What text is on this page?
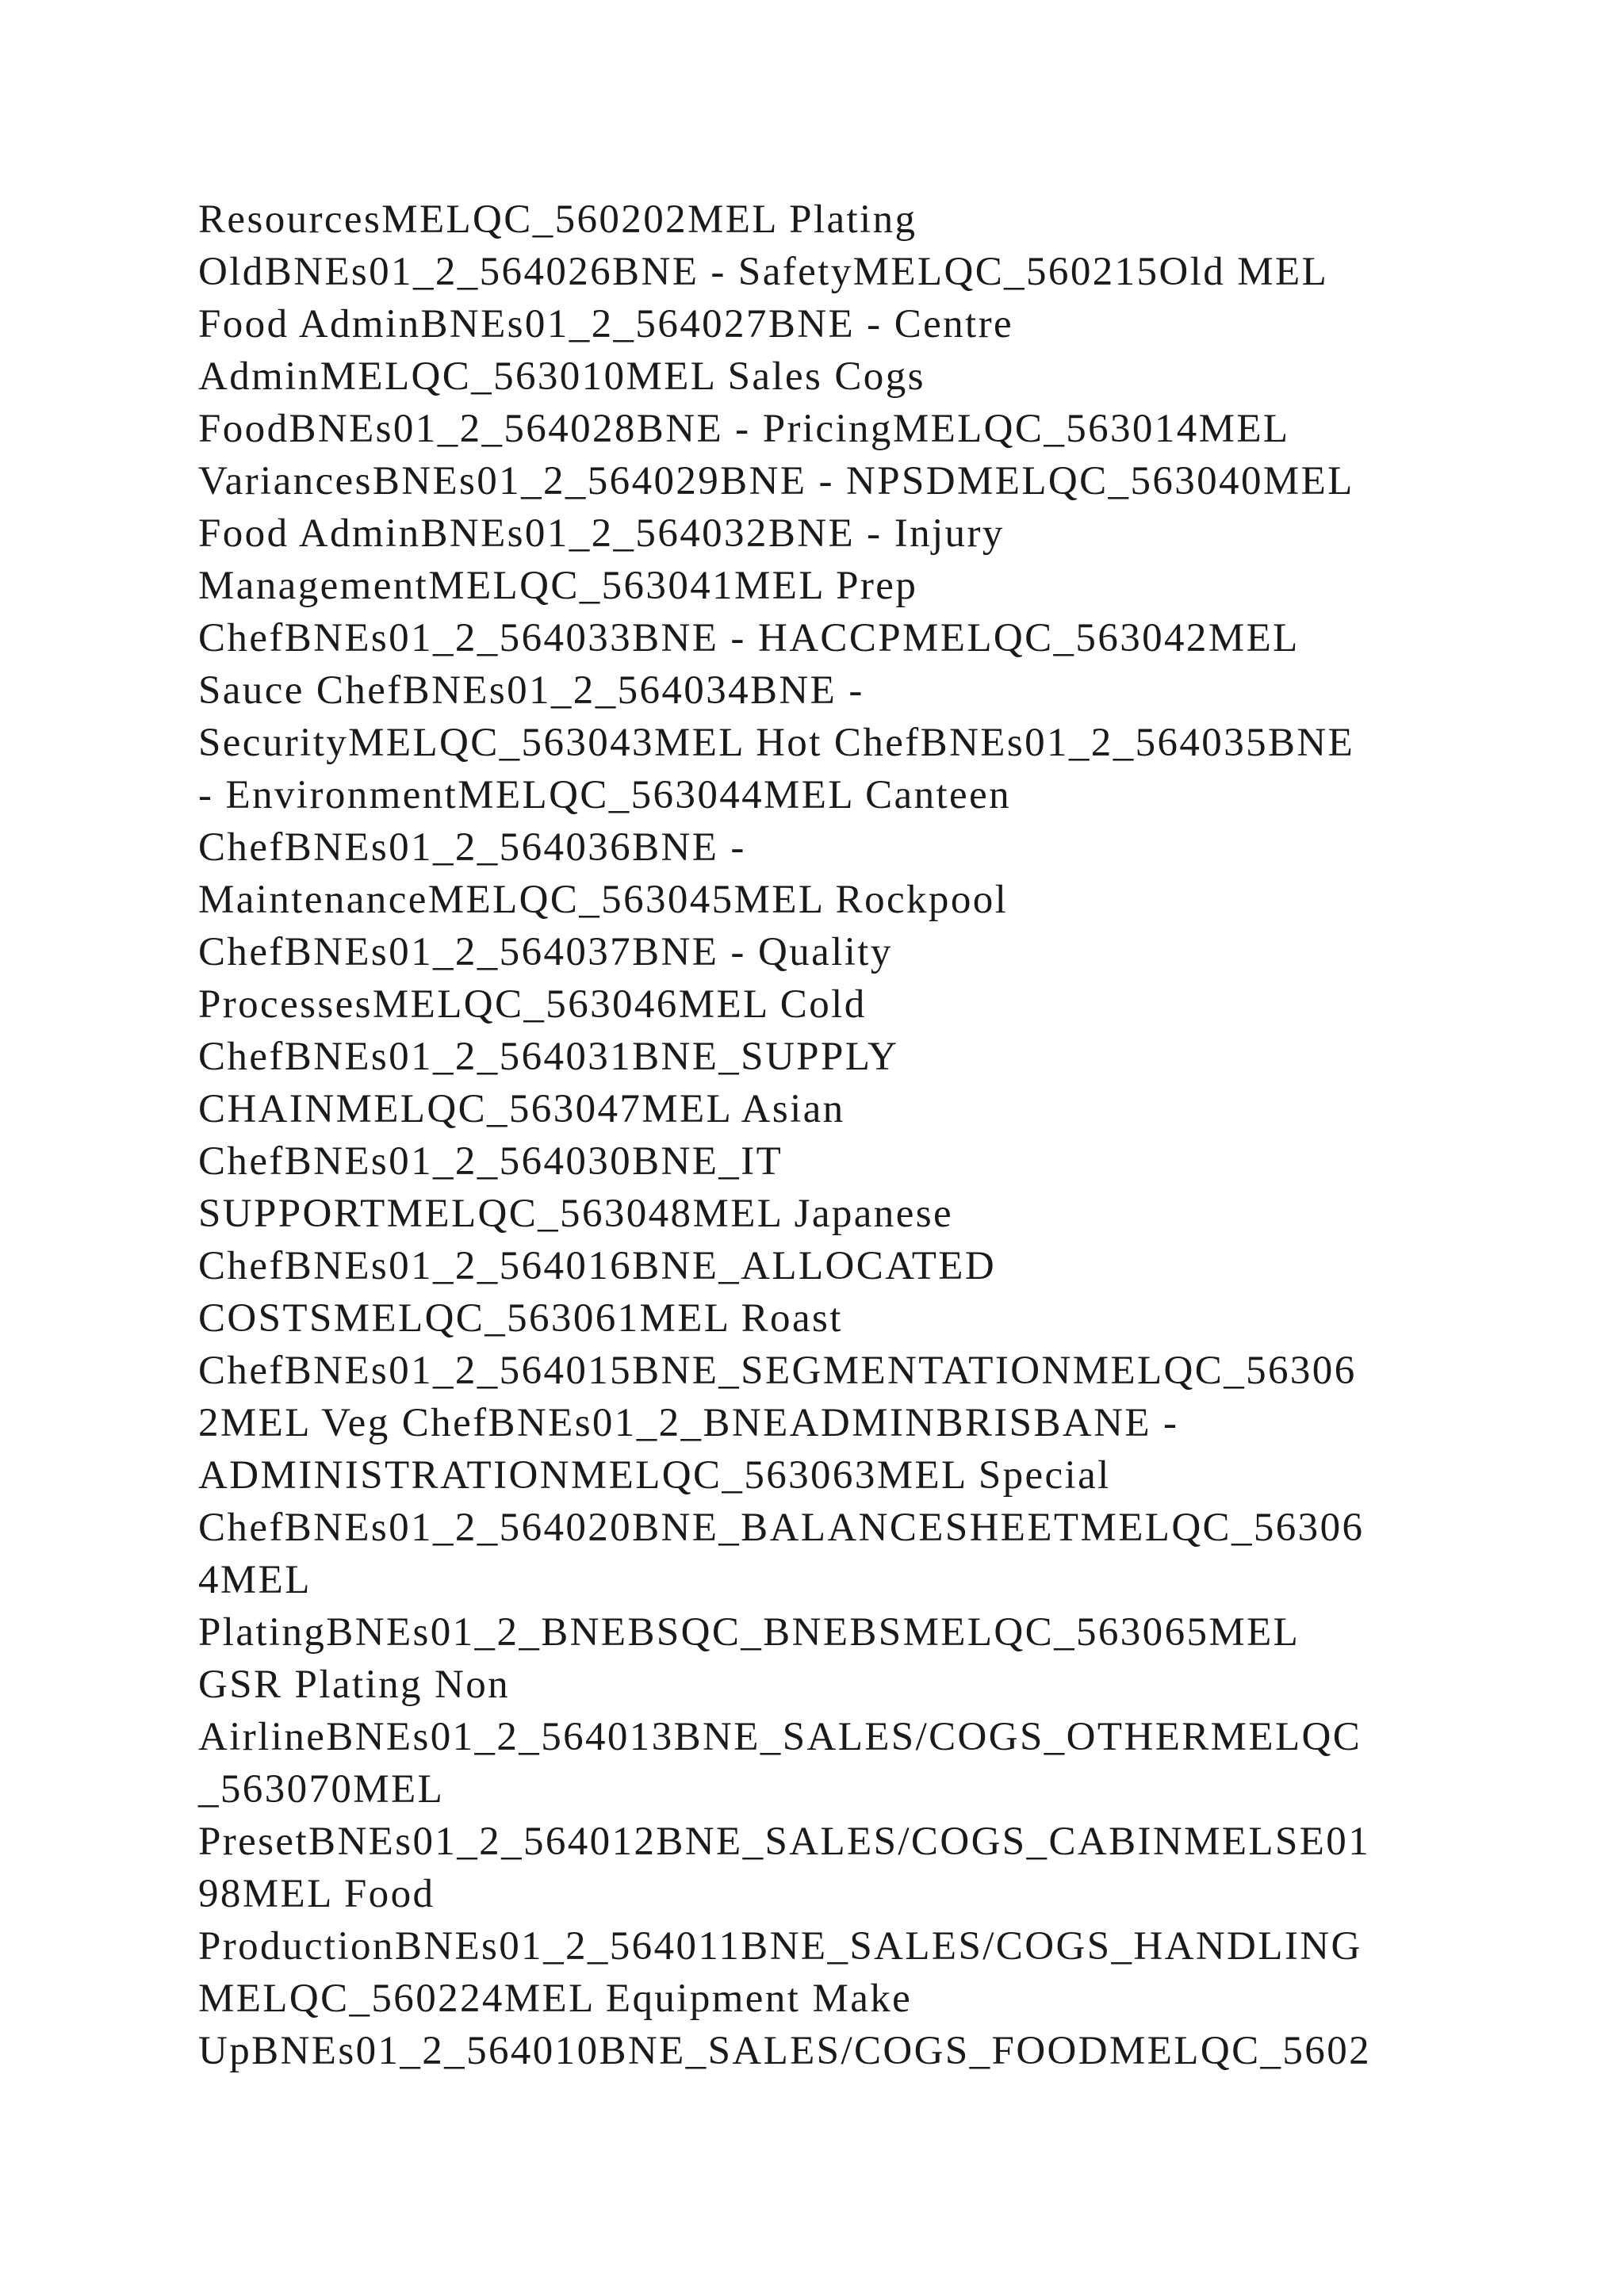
ResourcesMELQC_560202MEL Plating
OldBNEs01_2_564026BNE - SafetyMELQC_560215Old MEL
Food AdminBNEs01_2_564027BNE - Centre
AdminMELQC_563010MEL Sales Cogs
FoodBNEs01_2_564028BNE - PricingMELQC_563014MEL
VariancesBNEs01_2_564029BNE - NPSDMELQC_563040MEL
Food AdminBNEs01_2_564032BNE - Injury
ManagementMELQC_563041MEL Prep
ChefBNEs01_2_564033BNE - HACCPMELQC_563042MEL
Sauce ChefBNEs01_2_564034BNE -
SecurityMELQC_563043MEL Hot ChefBNEs01_2_564035BNE
- EnvironmentMELQC_563044MEL Canteen
ChefBNEs01_2_564036BNE -
MaintenanceMELQC_563045MEL Rockpool
ChefBNEs01_2_564037BNE - Quality
ProcessesMELQC_563046MEL Cold
ChefBNEs01_2_564031BNE_SUPPLY
CHAINMELQC_563047MEL Asian
ChefBNEs01_2_564030BNE_IT
SUPPORTMELQC_563048MEL Japanese
ChefBNEs01_2_564016BNE_ALLOCATED
COSTSMELQC_563061MEL Roast
ChefBNEs01_2_564015BNE_SEGMENTATIONMELQC_56306
2MEL Veg ChefBNEs01_2_BNEADMINBRISBANE -
ADMINISTRATIONMELQC_563063MEL Special
ChefBNEs01_2_564020BNE_BALANCESHEETMELQC_56306
4MEL
PlatingBNEs01_2_BNEBSQC_BNEBSMELQC_563065MEL
GSR Plating Non
AirlineBNEs01_2_564013BNE_SALES/COGS_OTHERMELQC
_563070MEL
PresetBNEs01_2_564012BNE_SALES/COGS_CABINMELSE01
98MEL Food
ProductionBNEs01_2_564011BNE_SALES/COGS_HANDLING
MELQC_560224MEL Equipment Make
UpBNEs01_2_564010BNE_SALES/COGS_FOODMELQC_5602
